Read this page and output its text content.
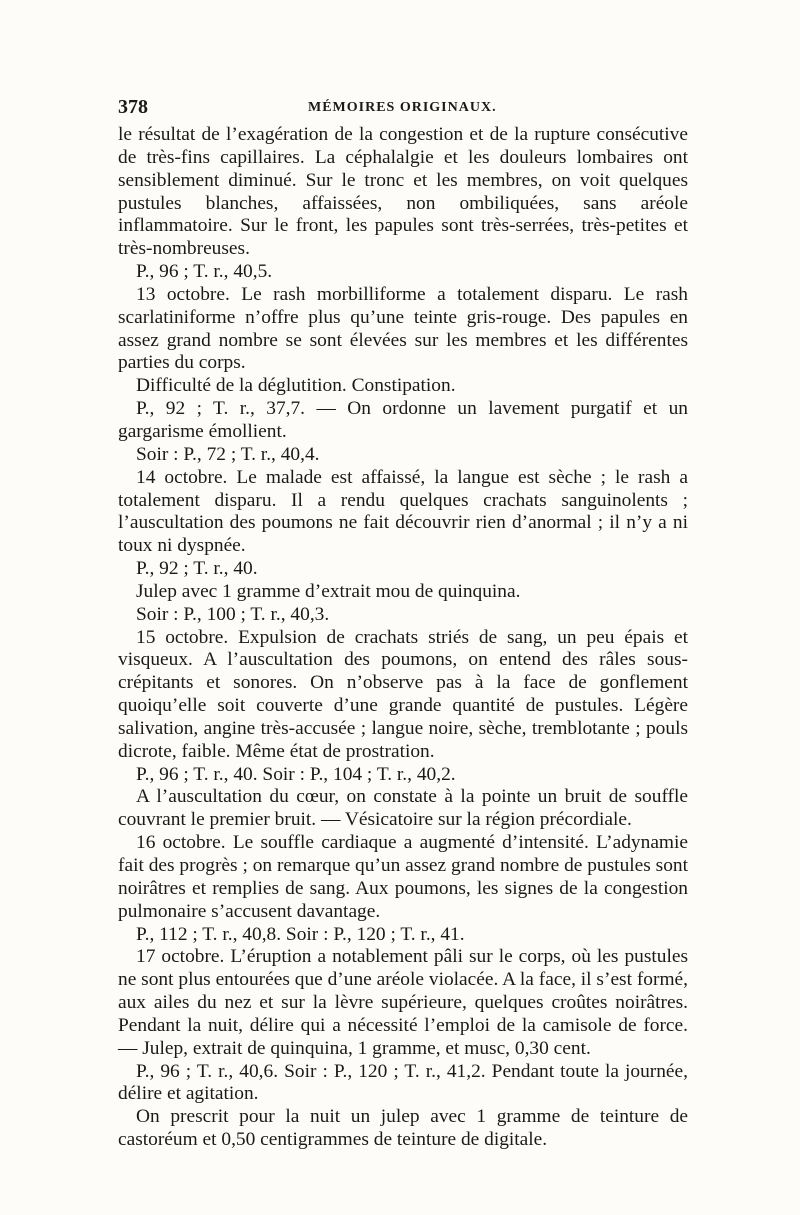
378	MÉMOIRES ORIGINAUX.

le résultat de l’exagération de la congestion et de la rupture consécutive de très-fins capillaires. La céphalalgie et les douleurs lombaires ont sensiblement diminué. Sur le tronc et les membres, on voit quelques pustules blanches, affaissées, non ombiliquées, sans aréole inflammatoire. Sur le front, les papules sont très-serrées, très-petites et très-nombreuses.

P., 96 ; T. r., 40,5.

13 octobre. Le rash morbilliforme a totalement disparu. Le rash scarlatiniforme n’offre plus qu’une teinte gris-rouge. Des papules en assez grand nombre se sont élevées sur les membres et les différentes parties du corps.

Difficulté de la déglutition. Constipation.

P., 92 ; T. r., 37,7. — On ordonne un lavement purgatif et un gargarisme émollient.

Soir : P., 72 ; T. r., 40,4.

14 octobre. Le malade est affaissé, la langue est sèche ; le rash a totalement disparu. Il a rendu quelques crachats sanguinolents ; l’auscultation des poumons ne fait découvrir rien d’anormal ; il n’y a ni toux ni dyspnée.

P., 92 ; T. r., 40.

Julep avec 1 gramme d’extrait mou de quinquina.

Soir : P., 100 ; T. r., 40,3.

15 octobre. Expulsion de crachats striés de sang, un peu épais et visqueux. A l’auscultation des poumons, on entend des râles sous-crépitants et sonores. On n’observe pas à la face de gonflement quoiqu’elle soit couverte d’une grande quantité de pustules. Légère salivation, angine très-accusée ; langue noire, sèche, tremblotante ; pouls dicrote, faible. Même état de prostration.

P., 96 ; T. r., 40. Soir : P., 104 ; T. r., 40,2.

A l’auscultation du cœur, on constate à la pointe un bruit de souffle couvrant le premier bruit. — Vésicatoire sur la région précordiale.

16 octobre. Le souffle cardiaque a augmenté d’intensité. L’adynamie fait des progrès ; on remarque qu’un assez grand nombre de pustules sont noirâtres et remplies de sang. Aux poumons, les signes de la congestion pulmonaire s’accusent davantage.

P., 112 ; T. r., 40,8. Soir : P., 120 ; T. r., 41.

17 octobre. L’éruption a notablement pâli sur le corps, où les pustules ne sont plus entourées que d’une aréole violacée. A la face, il s’est formé, aux ailes du nez et sur la lèvre supérieure, quelques croûtes noirâtres. Pendant la nuit, délire qui a nécessité l’emploi de la camisole de force. — Julep, extrait de quinquina, 1 gramme, et musc, 0,30 cent.

P., 96 ; T. r., 40,6. Soir : P., 120 ; T. r., 41,2. Pendant toute la journée, délire et agitation.

On prescrit pour la nuit un julep avec 1 gramme de teinture de castoréum et 0,50 centigrammes de teinture de digitale.
